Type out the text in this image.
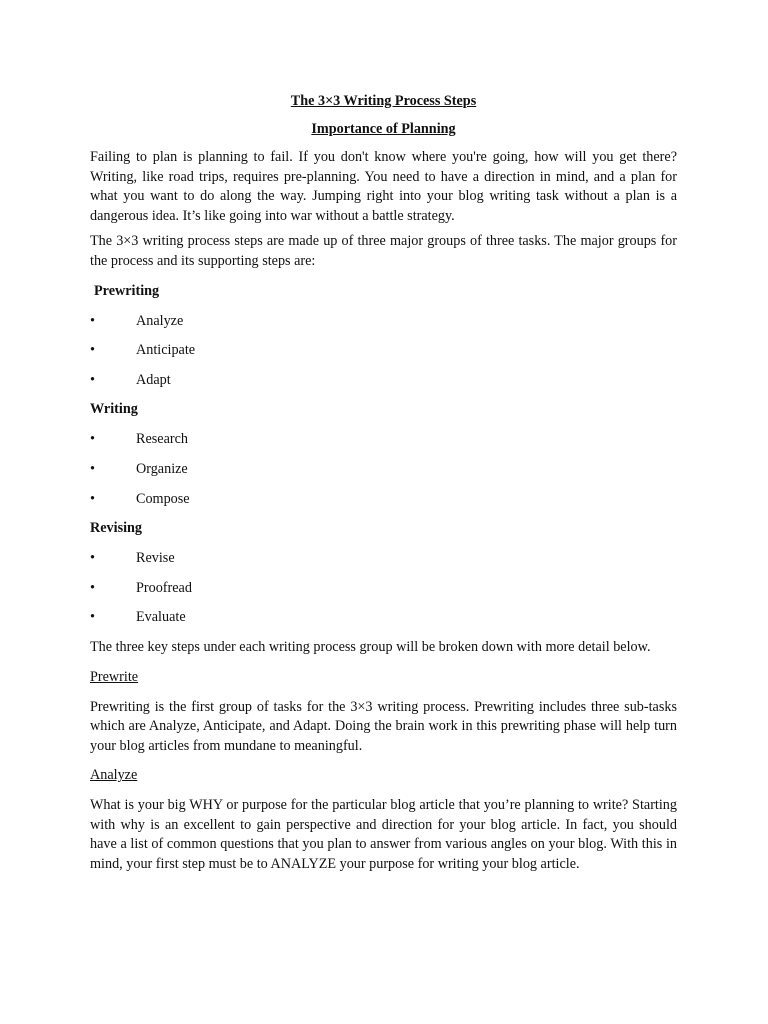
The 3×3 Writing Process Steps
Importance of Planning

Failing to plan is planning to fail. If you don't know where you're going, how will you get there? Writing, like road trips, requires pre-planning. You need to have a direction in mind, and a plan for what you want to do along the way. Jumping right into your blog writing task without a plan is a dangerous idea. It’s like going into war without a battle strategy.

The 3×3 writing process steps are made up of three major groups of three tasks. The major groups for the process and its supporting steps are:

Prewriting
•	Analyze
•	Anticipate
•	Adapt
Writing
•	Research
•	Organize
•	Compose
Revising
•	Revise
•	Proofread
•	Evaluate

The three key steps under each writing process group will be broken down with more detail below.

Prewrite

Prewriting is the first group of tasks for the 3×3 writing process. Prewriting includes three sub-tasks which are Analyze, Anticipate, and Adapt. Doing the brain work in this prewriting phase will help turn your blog articles from mundane to meaningful.

Analyze

What is your big WHY or purpose for the particular blog article that you’re planning to write? Starting with why is an excellent to gain perspective and direction for your blog article. In fact, you should have a list of common questions that you plan to answer from various angles on your blog. With this in mind, your first step must be to ANALYZE your purpose for writing your blog article.
